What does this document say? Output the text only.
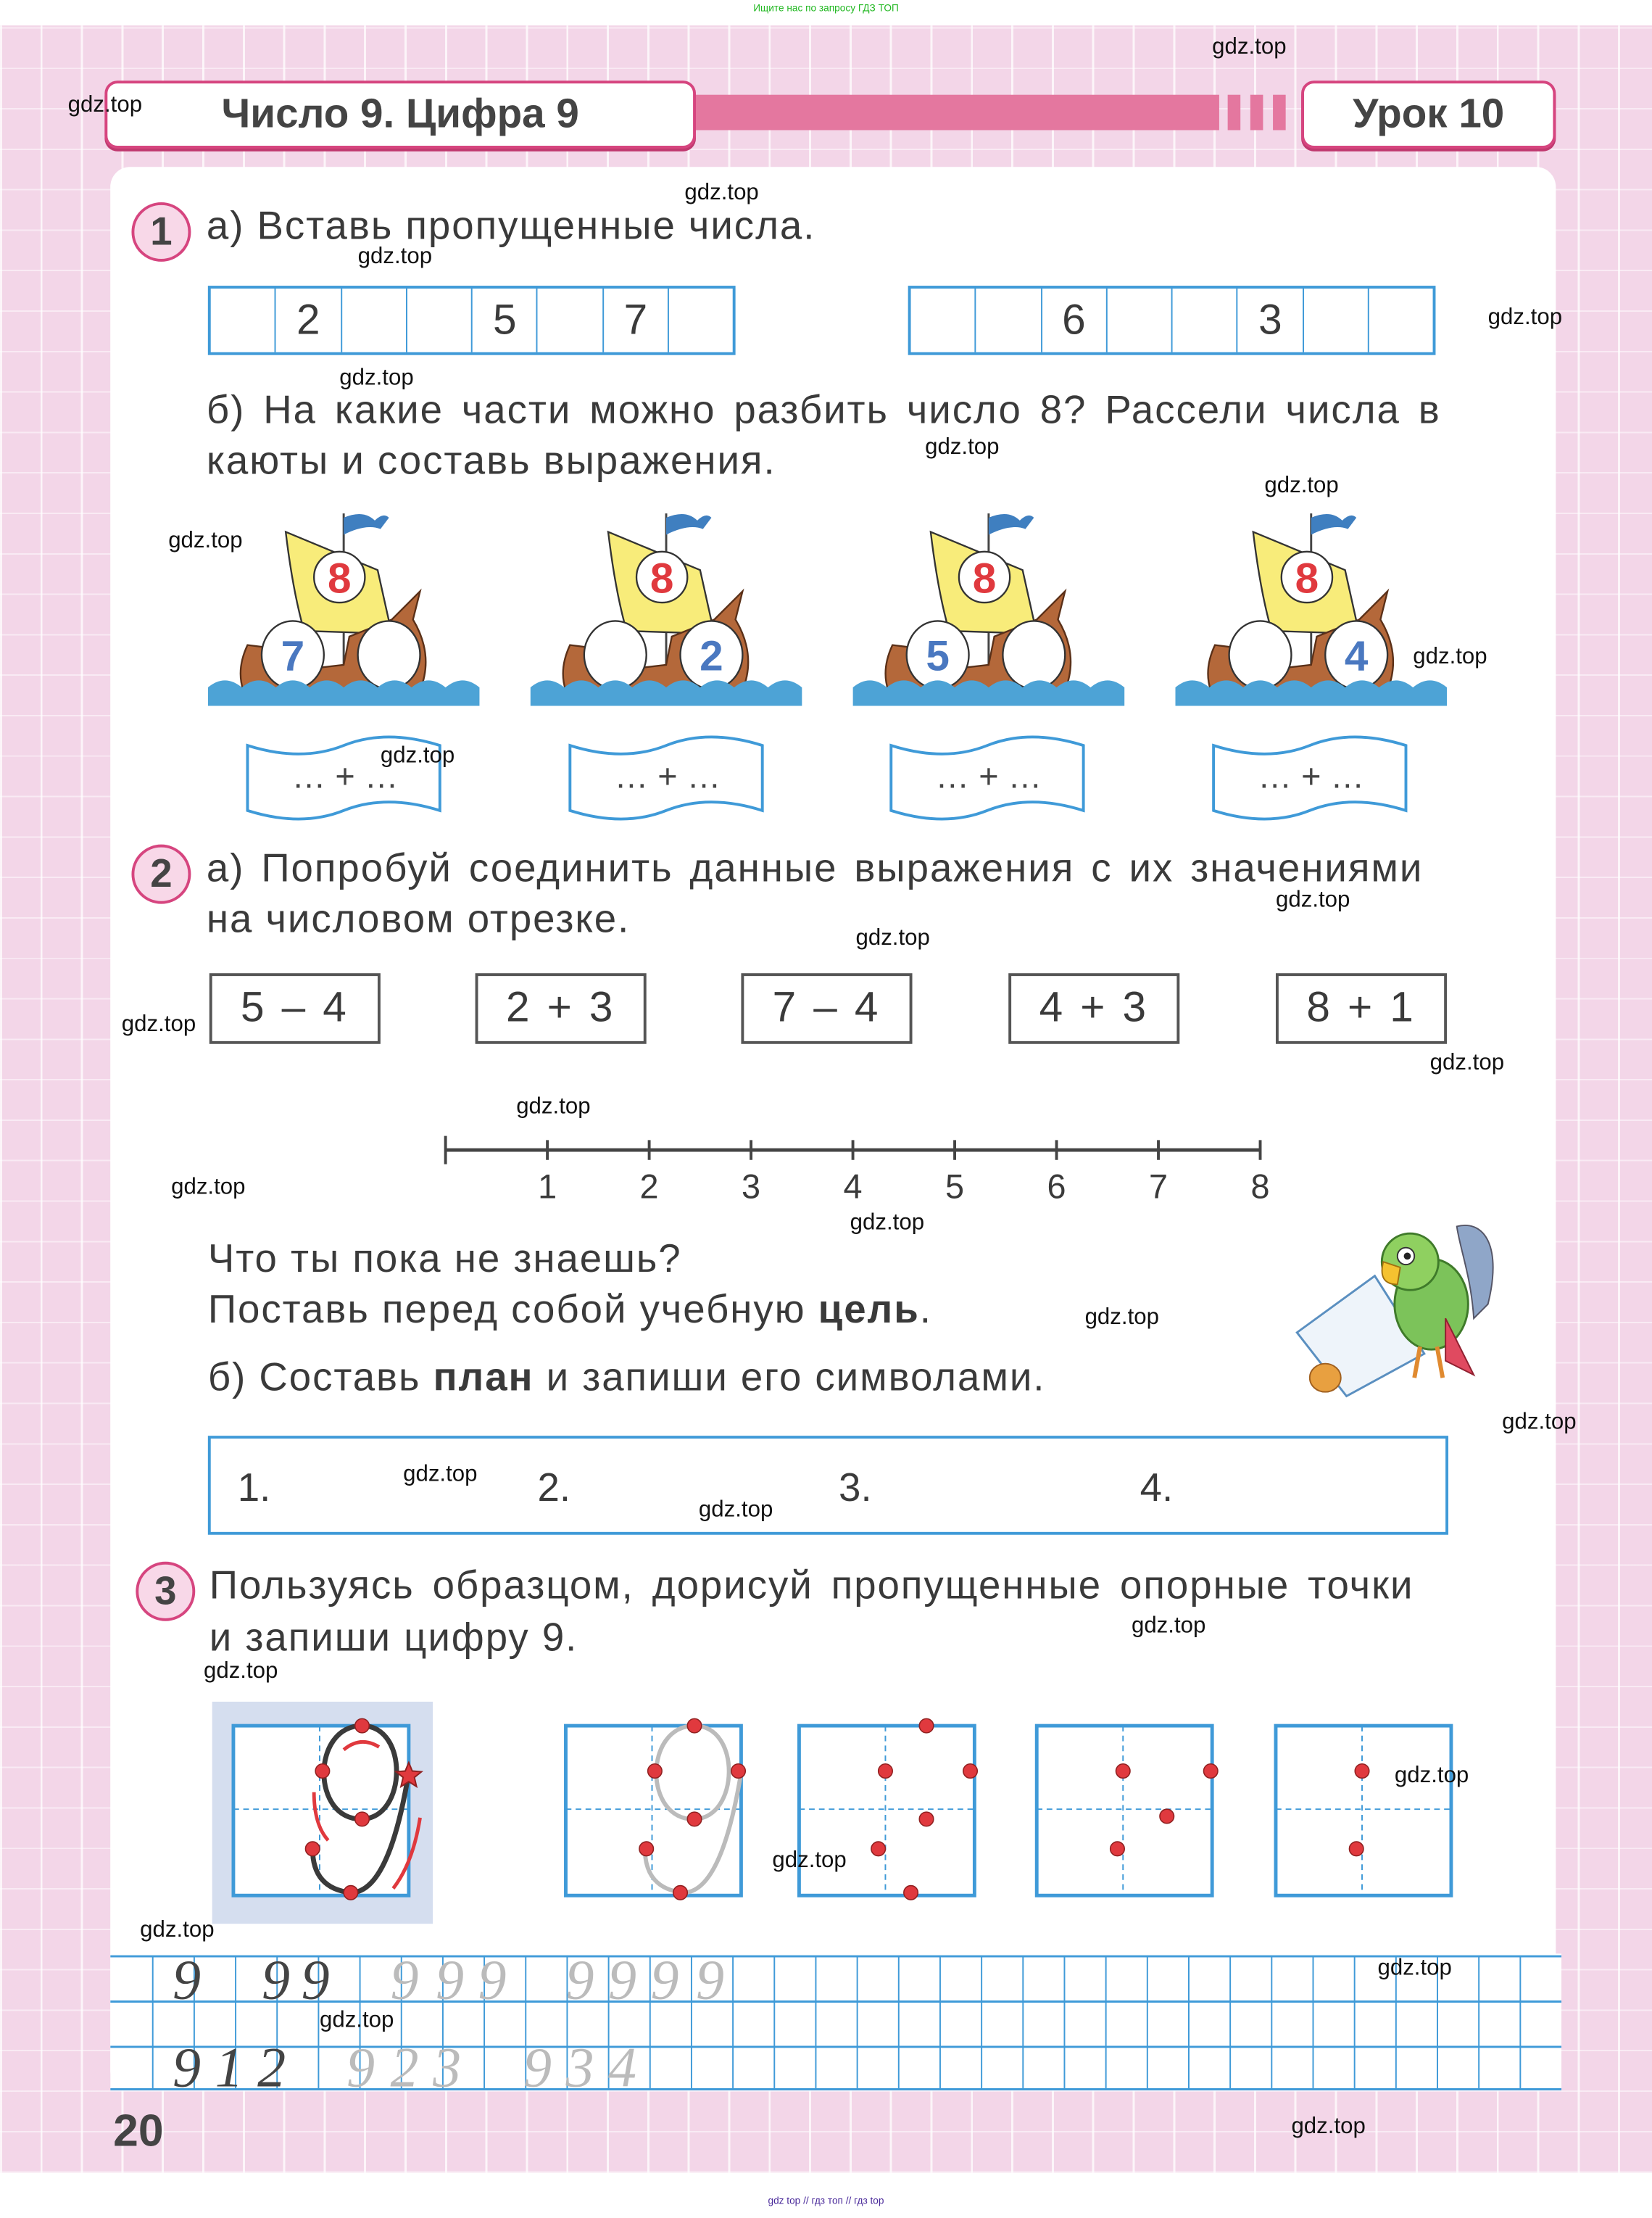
Ищите нас по запросу ГДЗ ТОП
gdz top // гдз топ // гдз top
Число 9. Цифра 9	Урок 10
1	а) Вставь пропущенные числа.
2	5	7	6	3
б) На какие части можно разбить число 8? Рассели числа в
каюты и составь выражения.
8
7
… + …
8
2
… + …
8
5
… + …
8
4
… + …
2	а) Попробуй соединить данные выражения с их значениями
на числовом отрезке.
5 – 4	2 + 3	7 – 4	4 + 3	8 + 1
1	2	3	4	5	6	7	8
Что ты пока не знаешь?
Поставь перед собой учебную цель.
б) Составь план и запиши его символами.
1.	2.	3.	4.
3	Пользуясь образцом, дорисуй пропущенные опорные точки
и запиши цифру 9.
9 9 9 9 9 9 9 9 9 9
9 1 2 9 2 3 9 3 4
20
gdz.top
gdz.top
gdz.top
gdz.top
gdz.top
gdz.top
gdz.top
gdz.top
gdz.top
gdz.top
gdz.top
gdz.top
gdz.top
gdz.top
gdz.top
gdz.top
gdz.top
gdz.top
gdz.top
gdz.top
gdz.top
gdz.top
gdz.top
gdz.top
gdz.top
gdz.top
gdz.top
gdz.top
gdz.top
gdz.top
